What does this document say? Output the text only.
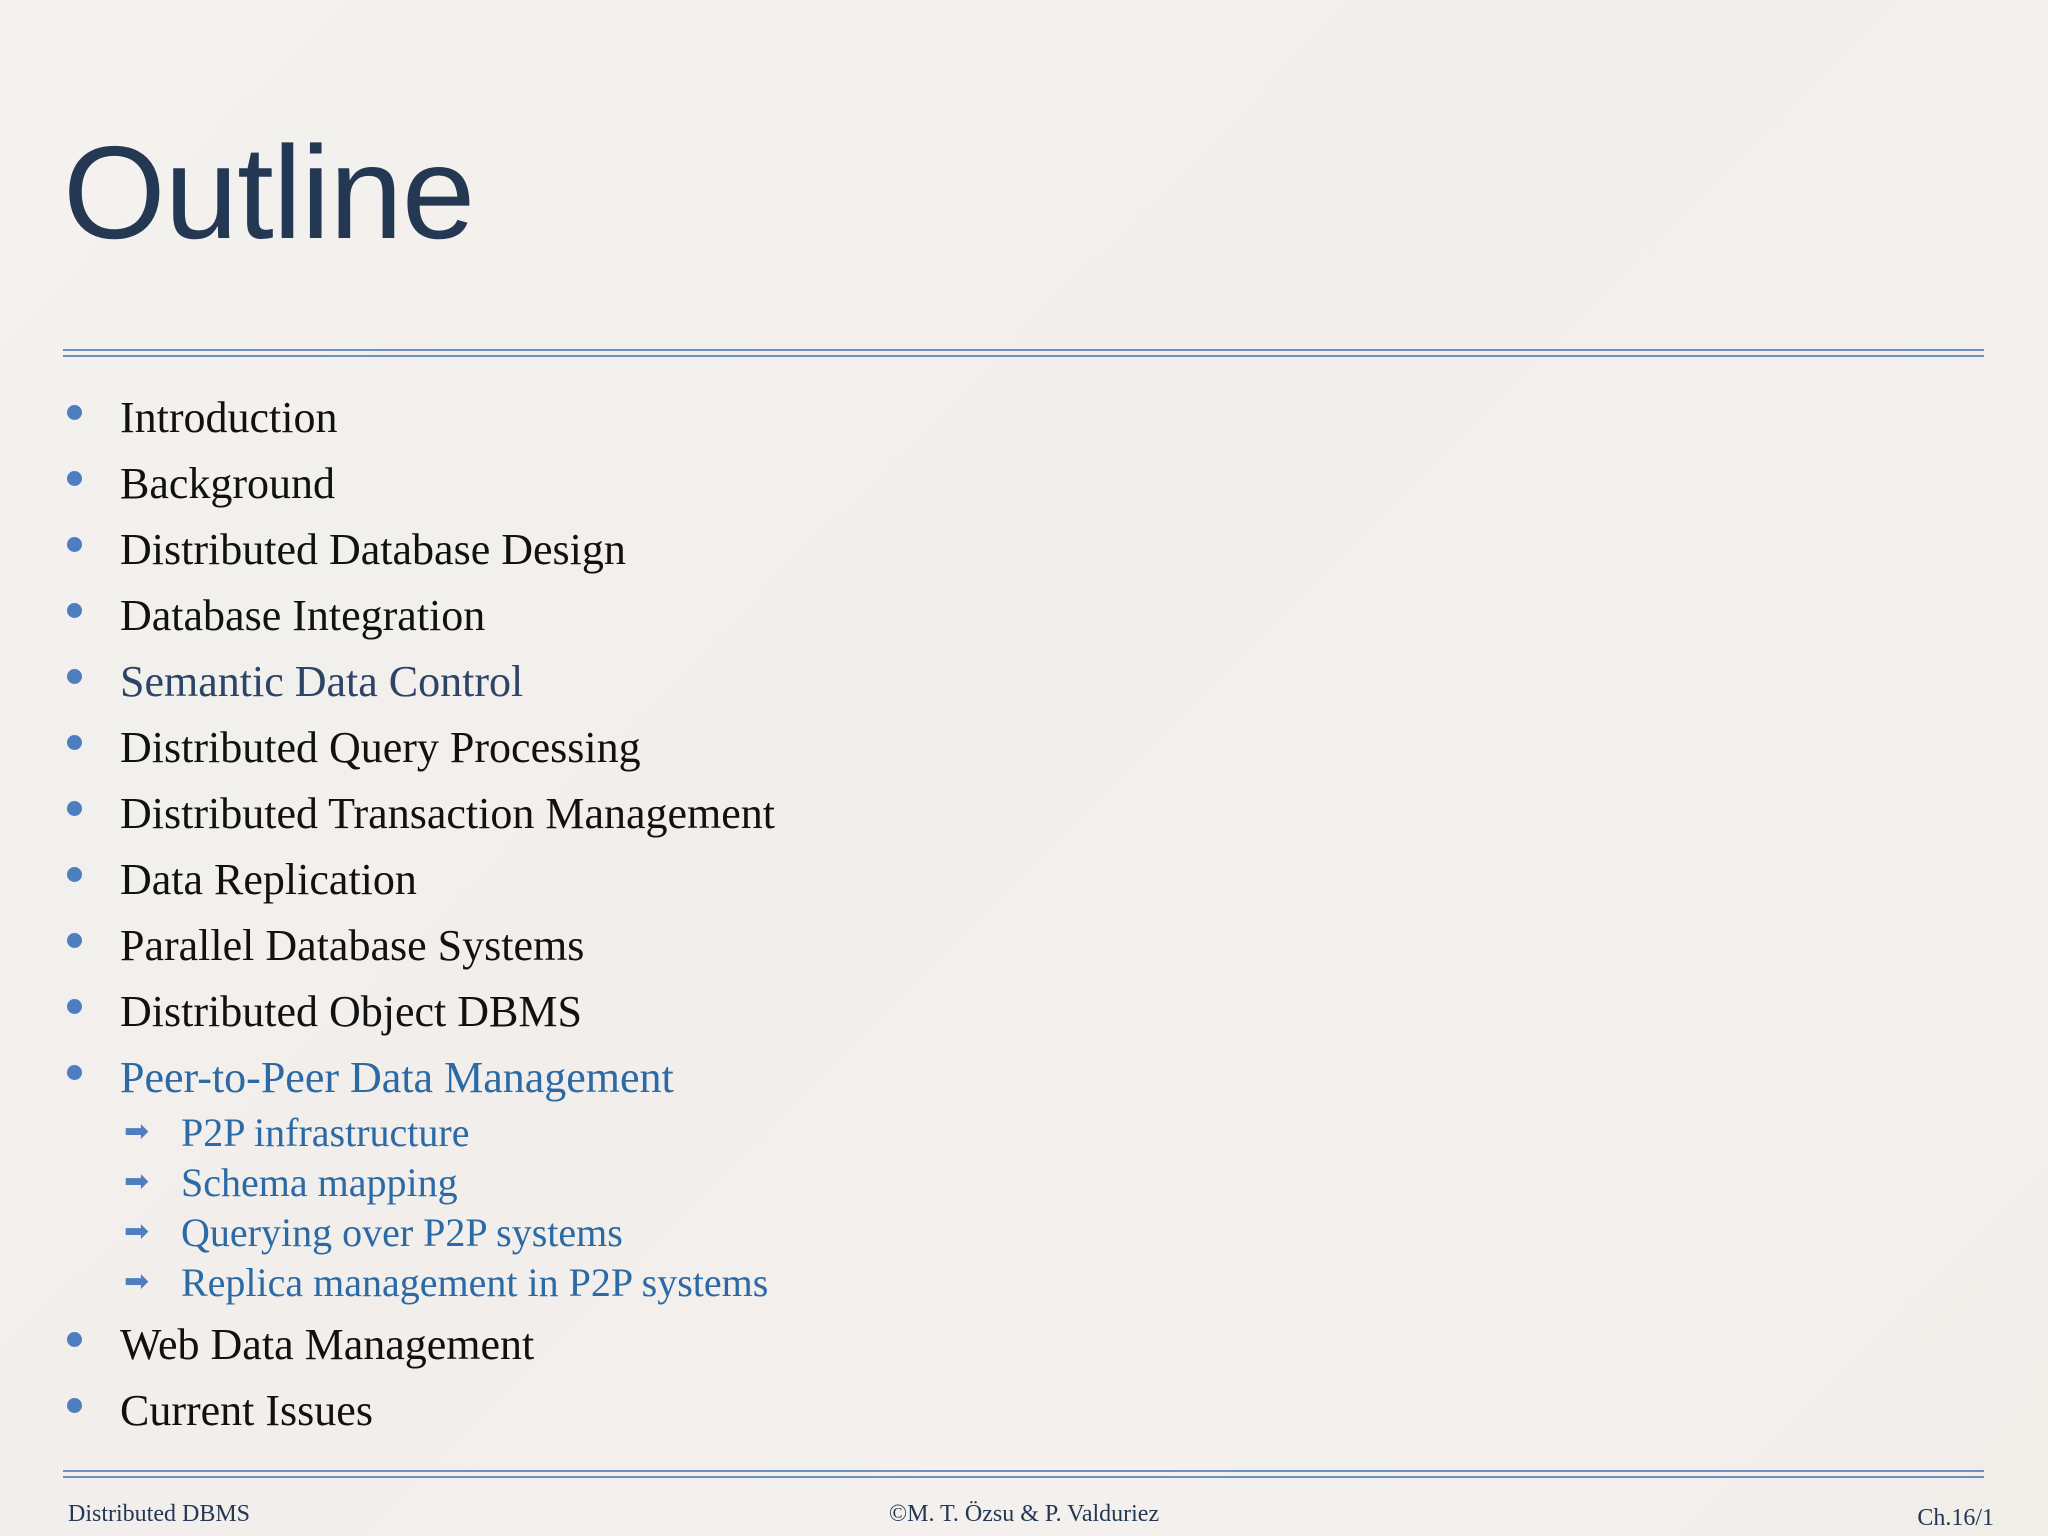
Outline
Introduction
Background
Distributed Database Design
Database Integration
Semantic Data Control
Distributed Query Processing
Distributed Transaction Management
Data Replication
Parallel Database Systems
Distributed Object DBMS
Peer-to-Peer Data Management
➡ P2P infrastructure
➡ Schema mapping
➡ Querying over P2P systems
➡ Replica management in P2P systems
Web Data Management
Current Issues
Distributed DBMS	©M. T. Özsu & P. Valduriez	Ch.16/1
